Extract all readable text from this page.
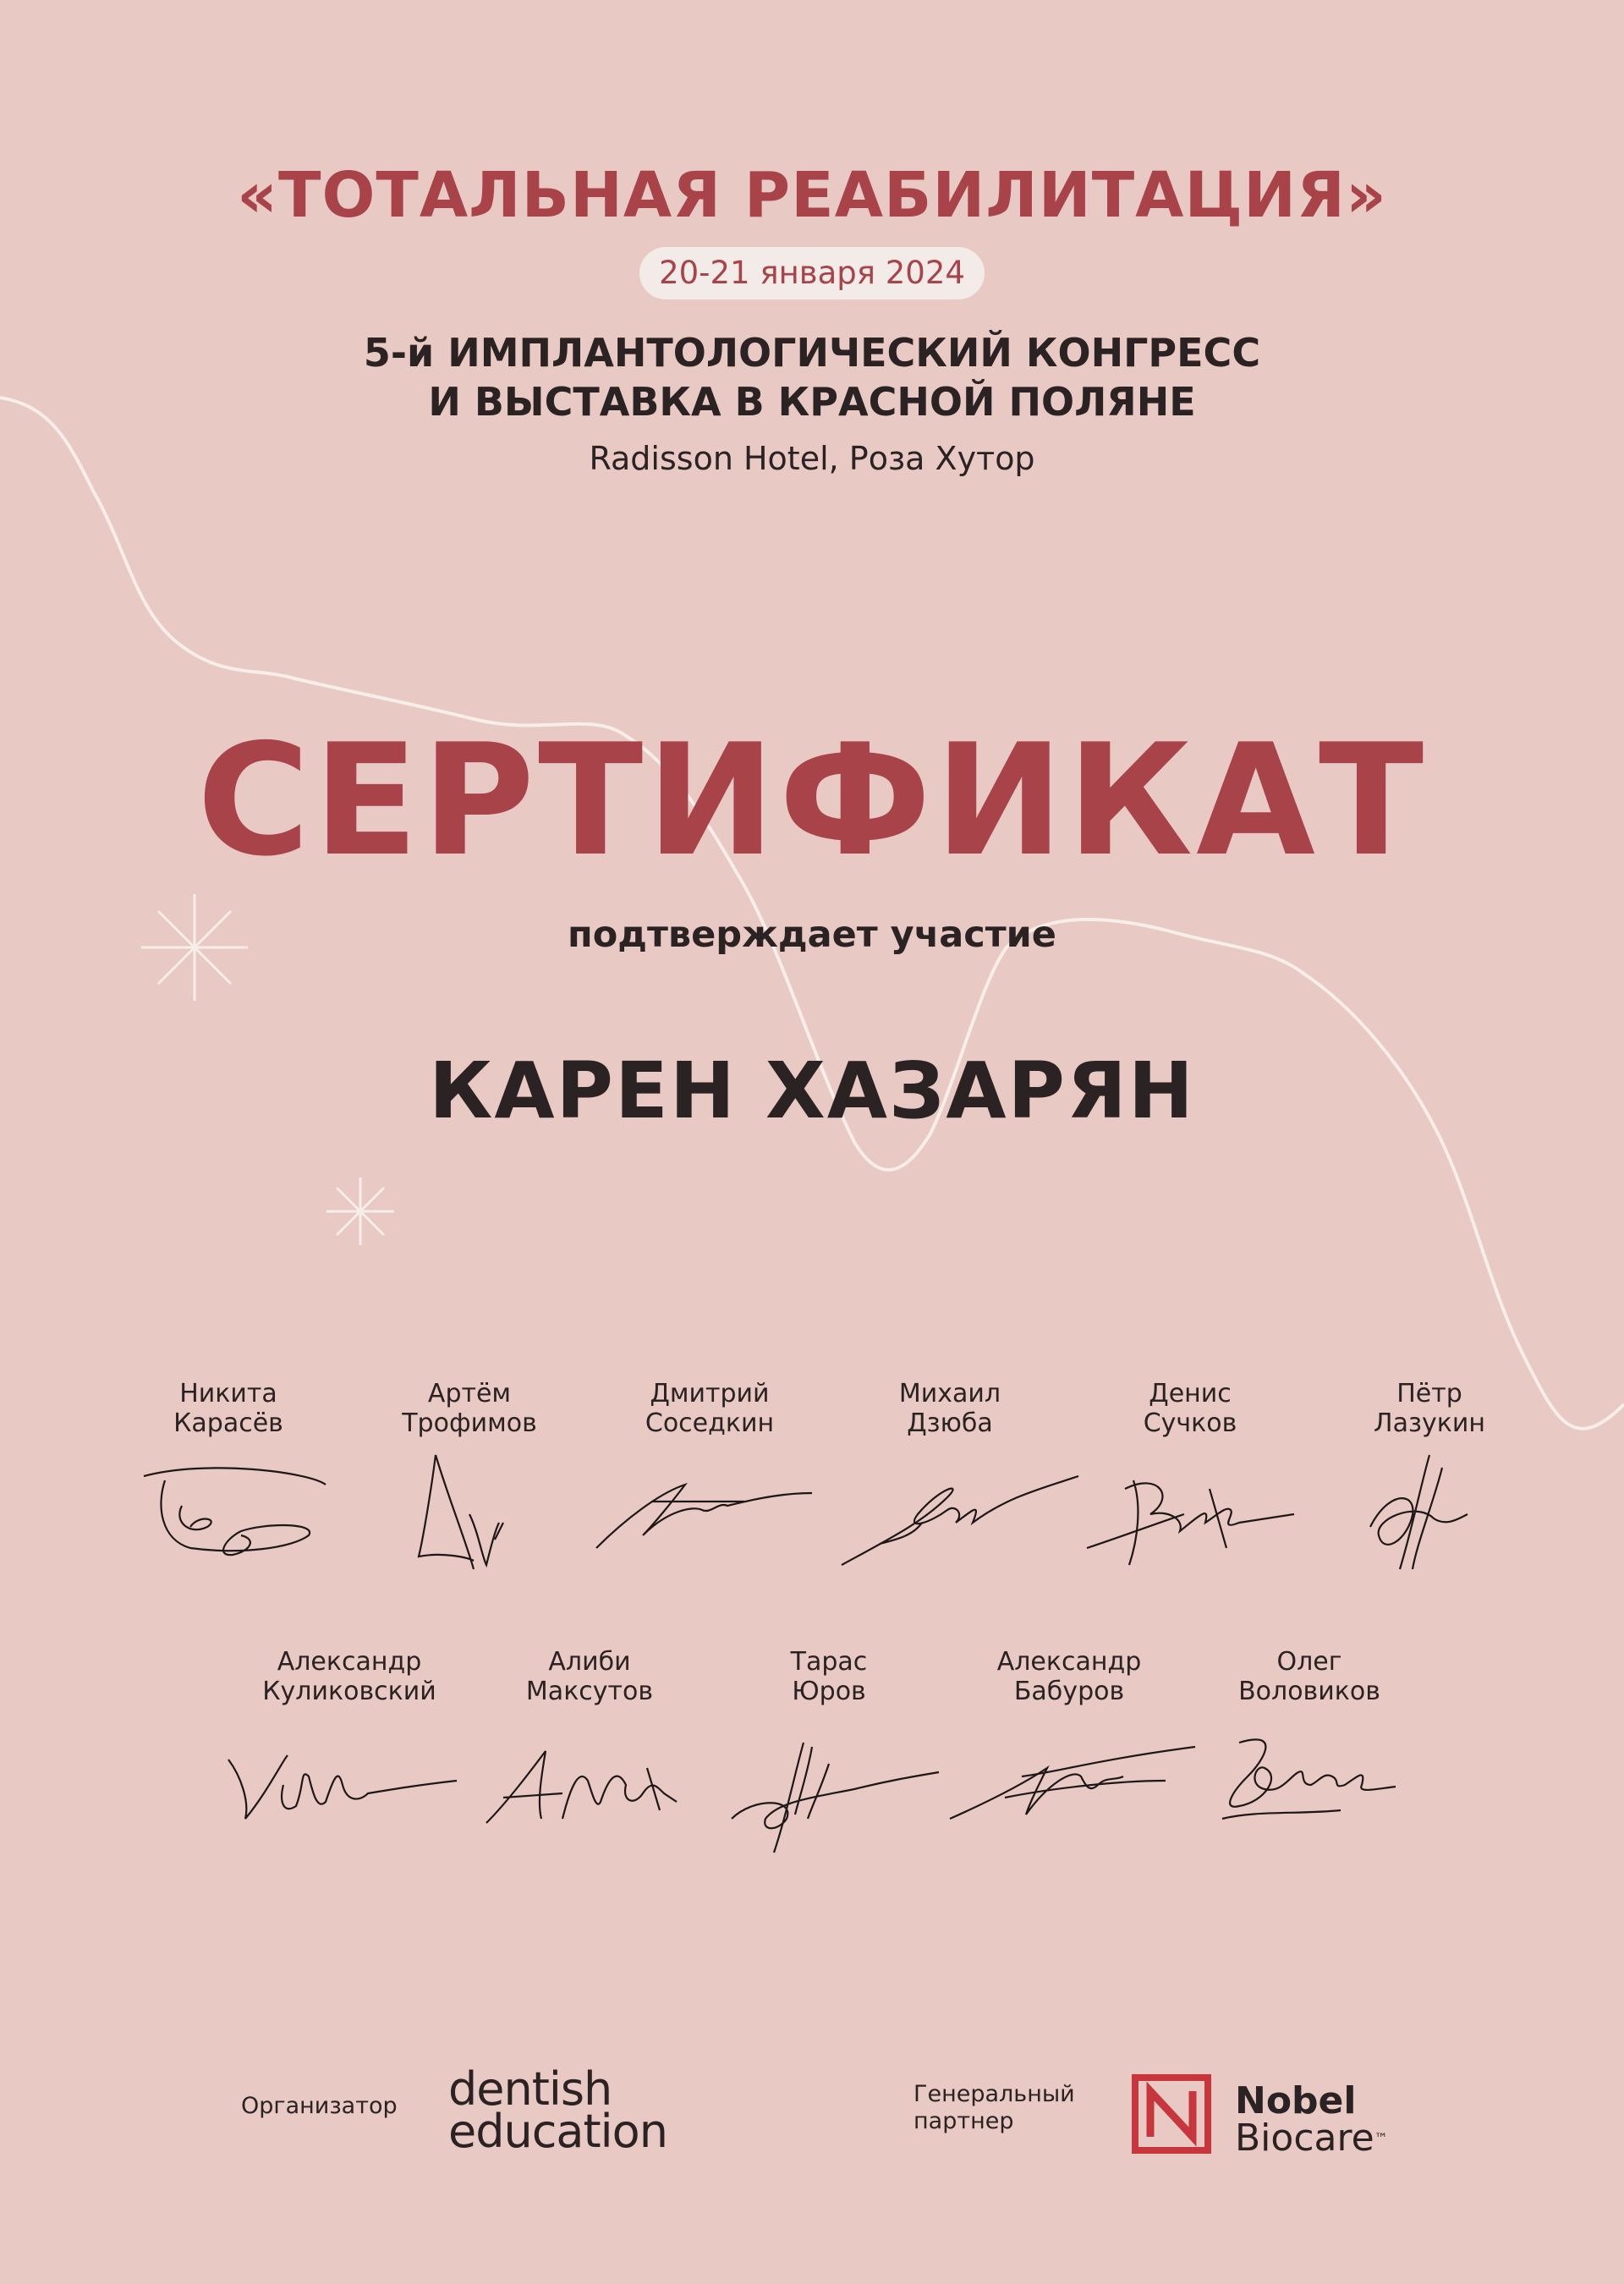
«ТОТАЛЬНАЯ РЕАБИЛИТАЦИЯ»
20-21 января 2024
5-й ИМПЛАНТОЛОГИЧЕСКИЙ КОНГРЕСС
И ВЫСТАВКА В КРАСНОЙ ПОЛЯНЕ
Radisson Hotel, Роза Хутор
СЕРТИФИКАТ
подтверждает участие
КАРЕН ХАЗАРЯН
Никита
Карасёв
Артём
Трофимов
Дмитрий
Соседкин
Михаил
Дзюба
Денис
Сучков
Пётр
Лазукин
Александр
Куликовский
Алиби
Максутов
Тарас
Юров
Александр
Бабуров
Олег
Воловиков
Организатор dentish
education
Генеральный
партнер	Nobel
Biocare™
